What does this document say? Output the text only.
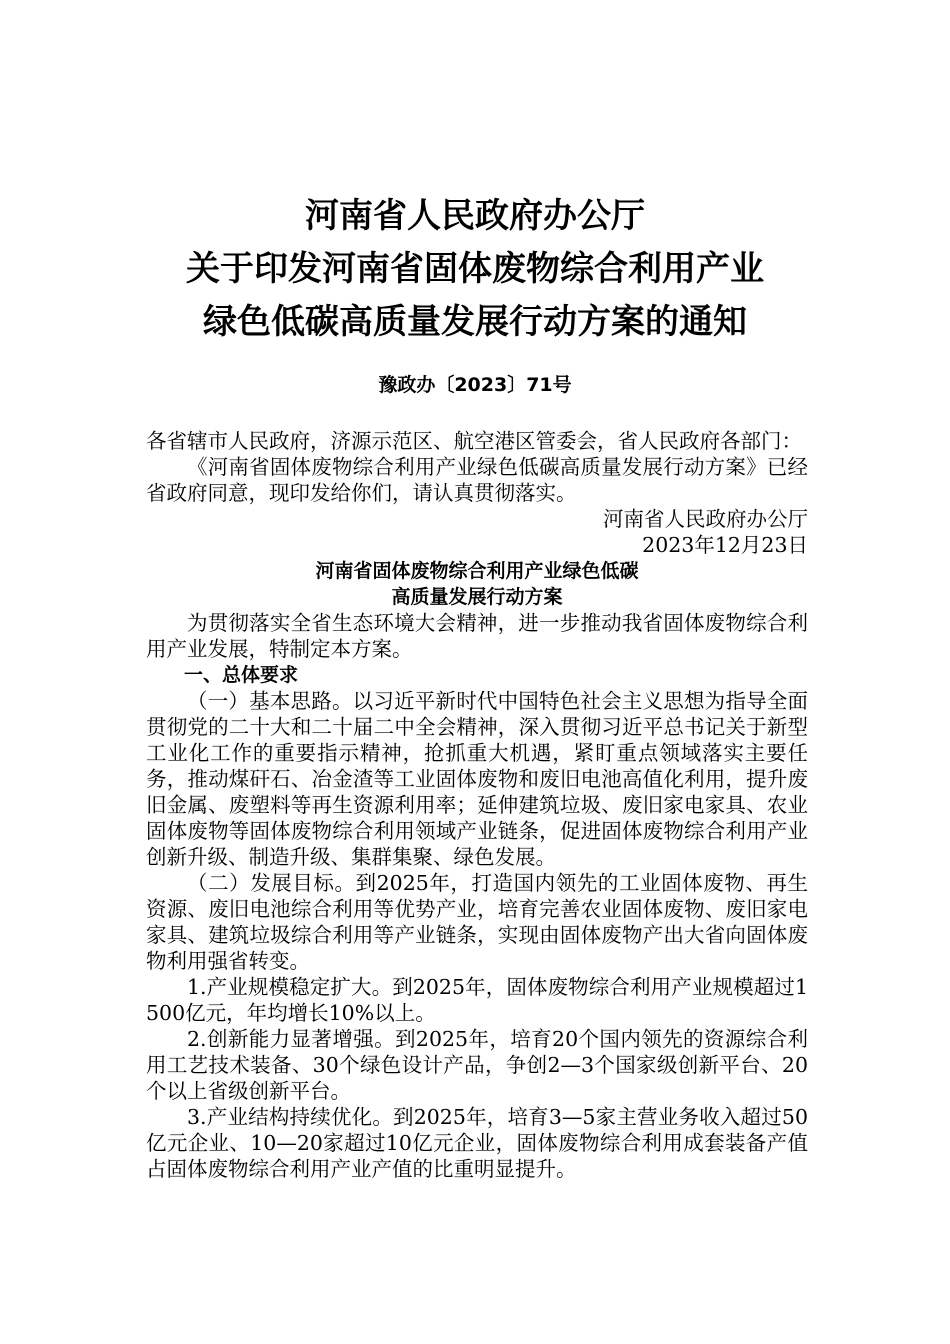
河南省人民政府办公厅
关于印发河南省固体废物综合利用产业
绿色低碳高质量发展行动方案的通知
豫政办〔2023〕71号

各省辖市人民政府，济源示范区、航空港区管委会，省人民政府各部门：

《河南省固体废物综合利用产业绿色低碳高质量发展行动方案》已经省政府同意，现印发给你们，请认真贯彻落实。

河南省人民政府办公厅

2023年12月23日

河南省固体废物综合利用产业绿色低碳

高质量发展行动方案

为贯彻落实全省生态环境大会精神，进一步推动我省固体废物综合利用产业发展，特制定本方案。

一、总体要求

（一）基本思路。以习近平新时代中国特色社会主义思想为指导全面贯彻党的二十大和二十届二中全会精神，深入贯彻习近平总书记关于新型工业化工作的重要指示精神，抢抓重大机遇，紧盯重点领域落实主要任务，推动煤矸石、冶金渣等工业固体废物和废旧电池高值化利用，提升废旧金属、废塑料等再生资源利用率；延伸建筑垃圾、废旧家电家具、农业固体废物等固体废物综合利用领域产业链条，促进固体废物综合利用产业创新升级、制造升级、集群集聚、绿色发展。

（二）发展目标。到2025年，打造国内领先的工业固体废物、再生资源、废旧电池综合利用等优势产业，培育完善农业固体废物、废旧家电家具、建筑垃圾综合利用等产业链条，实现由固体废物产出大省向固体废物利用强省转变。

1.产业规模稳定扩大。到2025年，固体废物综合利用产业规模超过1500亿元，年均增长10%以上。

2.创新能力显著增强。到2025年，培育20个国内领先的资源综合利用工艺技术装备、30个绿色设计产品，争创2—3个国家级创新平台、20个以上省级创新平台。

3.产业结构持续优化。到2025年，培育3—5家主营业务收入超过50亿元企业、10—20家超过10亿元企业，固体废物综合利用成套装备产值占固体废物综合利用产业产值的比重明显提升。
